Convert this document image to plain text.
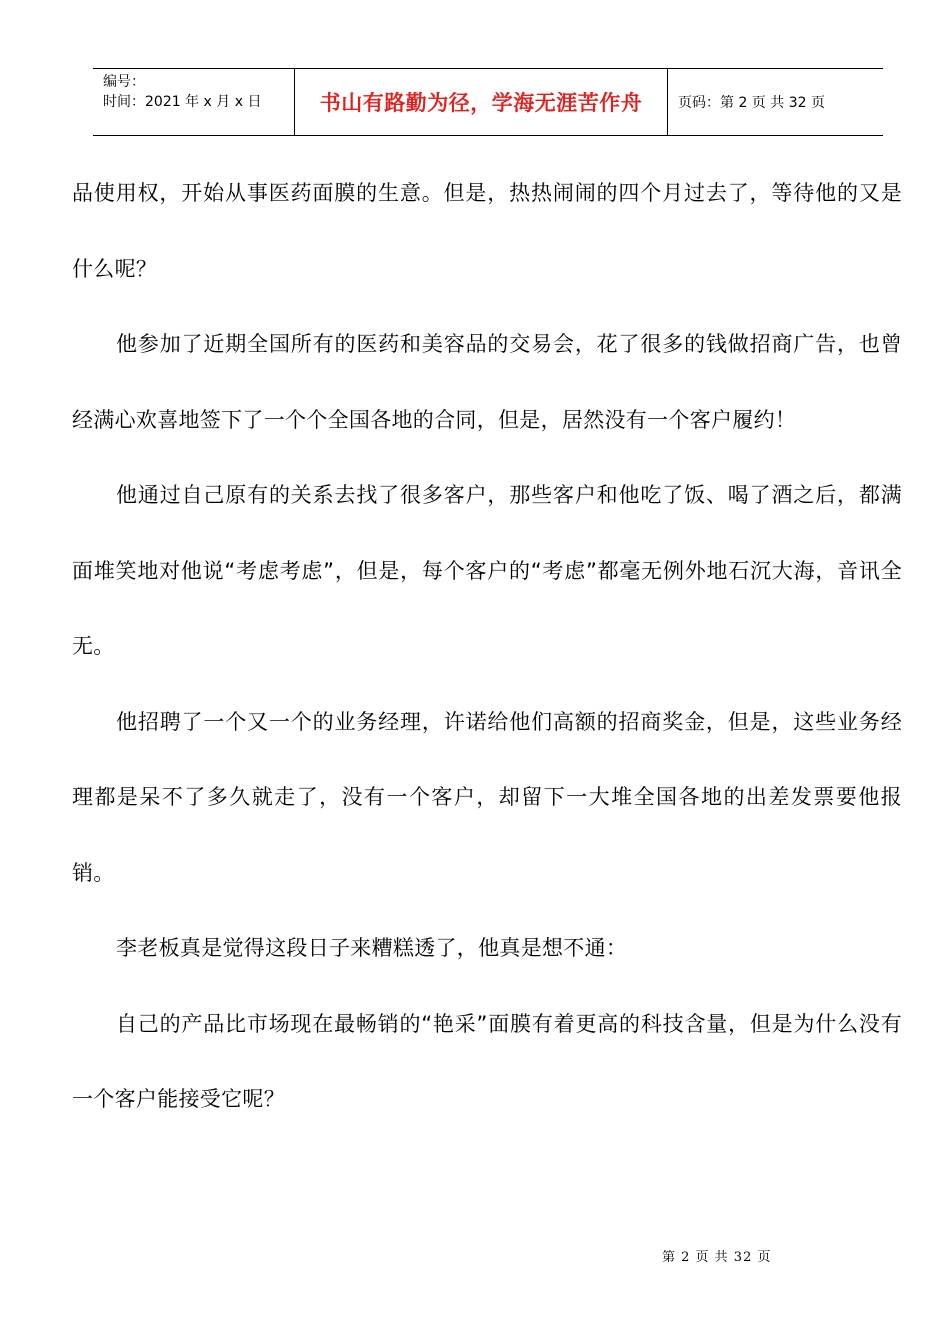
编号：
时间：2021 年 x 月 x 日	书山有路勤为径，学海无涯苦作舟	页码：第 2 页 共 32 页

品使用权，开始从事医药面膜的生意。但是，热热闹闹的四个月过去了，等待他的又是什么呢？

他参加了近期全国所有的医药和美容品的交易会，花了很多的钱做招商广告，也曾经满心欢喜地签下了一个个全国各地的合同，但是，居然没有一个客户履约！

他通过自己原有的关系去找了很多客户，那些客户和他吃了饭、喝了酒之后，都满面堆笑地对他说“考虑考虑”，但是，每个客户的“考虑”都毫无例外地石沉大海，音讯全无。

他招聘了一个又一个的业务经理，许诺给他们高额的招商奖金，但是，这些业务经理都是呆不了多久就走了，没有一个客户，却留下一大堆全国各地的出差发票要他报销。

李老板真是觉得这段日子来糟糕透了，他真是想不通：

自己的产品比市场现在最畅销的“艳采”面膜有着更高的科技含量，但是为什么没有一个客户能接受它呢？

第 2 页 共 32 页
